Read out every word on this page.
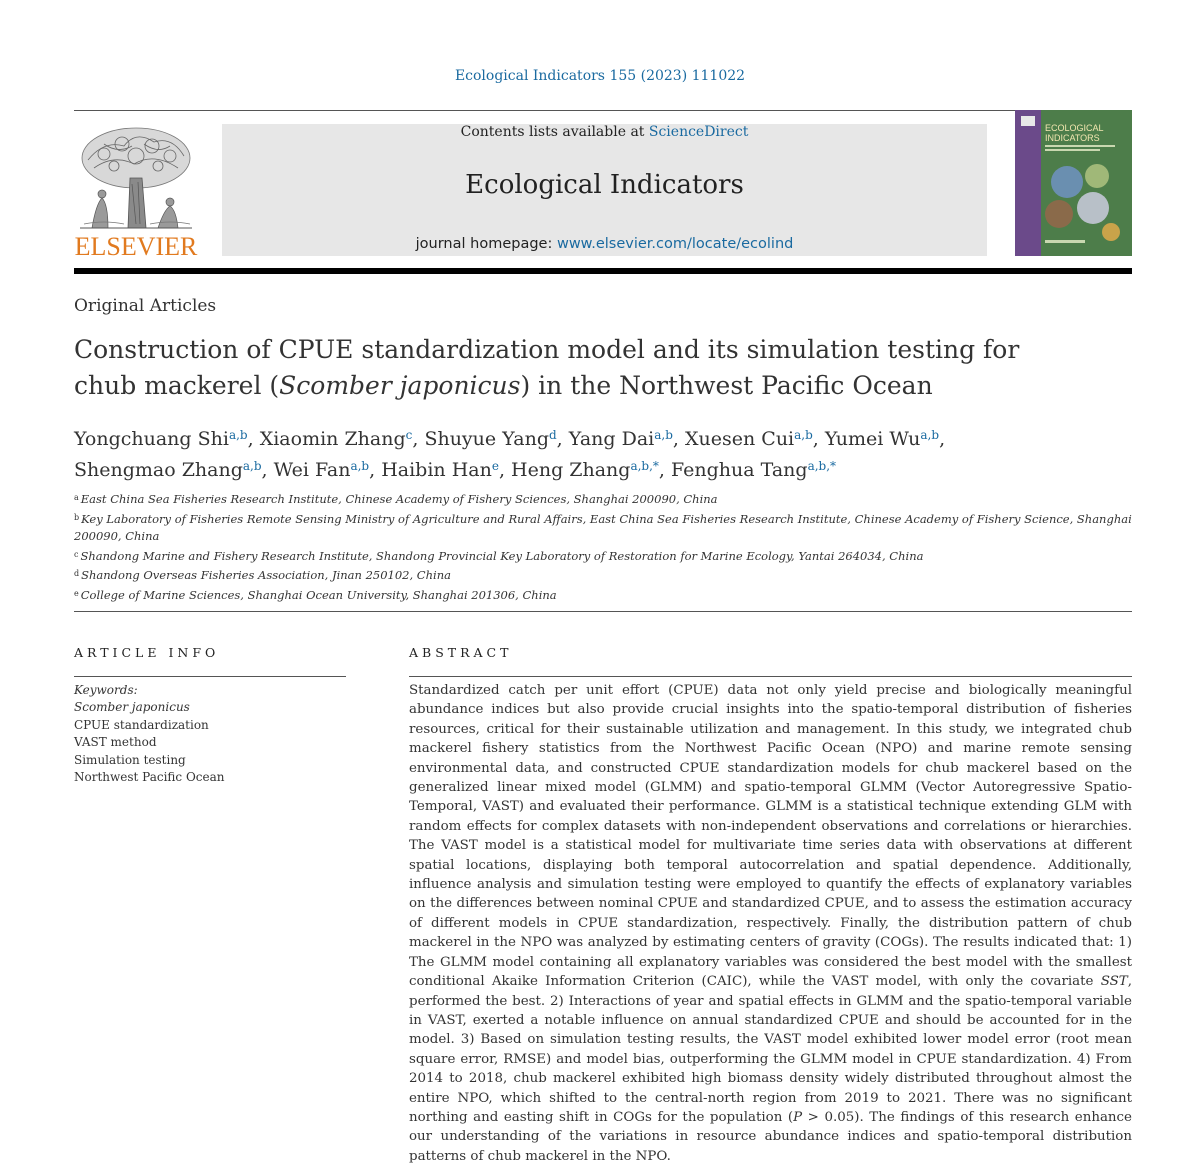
Ecological Indicators 155 (2023) 111022
ELSEVIER
Contents lists available at ScienceDirect
Ecological Indicators
journal homepage: www.elsevier.com/locate/ecolind
ECOLOGICAL
INDICATORS
Original Articles
Construction of CPUE standardization model and its simulation testing for chub mackerel (Scomber japonicus) in the Northwest Pacific Ocean
Yongchuang Shi$^{a,b}$, Xiaomin Zhang$^c$, Shuyue Yang$^d$, Yang Dai$^{a,b}$, Xuesen Cui$^{a,b}$, Yumei Wu$^{a,b}$,
Shengmao Zhang$^{a,b}$, Wei Fan$^{a,b}$, Haibin Han$^e$, Heng Zhang$^{a,b,*}$, Fenghua Tang$^{a,b,*}$
$^a$ East China Sea Fisheries Research Institute, Chinese Academy of Fishery Sciences, Shanghai 200090, China
$^b$ Key Laboratory of Fisheries Remote Sensing Ministry of Agriculture and Rural Affairs, East China Sea Fisheries Research Institute, Chinese Academy of Fishery Science, Shanghai 200090, China
$^c$ Shandong Marine and Fishery Research Institute, Shandong Provincial Key Laboratory of Restoration for Marine Ecology, Yantai 264034, China
$^d$ Shandong Overseas Fisheries Association, Jinan 250102, China
$^e$ College of Marine Sciences, Shanghai Ocean University, Shanghai 201306, China
ARTICLE INFO
Keywords:
Scomber japonicus
CPUE standardization
VAST method
Simulation testing
Northwest Pacific Ocean
ABSTRACT
Standardized catch per unit effort (CPUE) data not only yield precise and biologically meaningful abundance indices but also provide crucial insights into the spatio-temporal distribution of fisheries resources, critical for their sustainable utilization and management. In this study, we integrated chub mackerel fishery statistics from the Northwest Pacific Ocean (NPO) and marine remote sensing environmental data, and constructed CPUE standardization models for chub mackerel based on the generalized linear mixed model (GLMM) and spatio-temporal GLMM (Vector Autoregressive Spatio-Temporal, VAST) and evaluated their performance. GLMM is a statistical technique extending GLM with random effects for complex datasets with non-independent observations and correlations or hierarchies. The VAST model is a statistical model for multivariate time series data with observations at different spatial locations, displaying both temporal autocorrelation and spatial dependence. Additionally, influence analysis and simulation testing were employed to quantify the effects of explanatory variables on the differences between nominal CPUE and standardized CPUE, and to assess the estimation accuracy of different models in CPUE standardization, respectively. Finally, the distribution pattern of chub mackerel in the NPO was analyzed by estimating centers of gravity (COGs). The results indicated that: 1) The GLMM model containing all explanatory variables was considered the best model with the smallest conditional Akaike Information Criterion (CAIC), while the VAST model, with only the covariate SST, performed the best. 2) Interactions of year and spatial effects in GLMM and the spatio-temporal variable in VAST, exerted a notable influence on annual standardized CPUE and should be accounted for in the model. 3) Based on simulation testing results, the VAST model exhibited lower model error (root mean square error, RMSE) and model bias, outperforming the GLMM model in CPUE standardization. 4) From 2014 to 2018, chub mackerel exhibited high biomass density widely distributed throughout almost the entire NPO, which shifted to the central-north region from 2019 to 2021. There was no significant northing and easting shift in COGs for the population (P > 0.05). The findings of this research enhance our understanding of the variations in resource abundance indices and spatio-temporal distribution patterns of chub mackerel in the NPO.
